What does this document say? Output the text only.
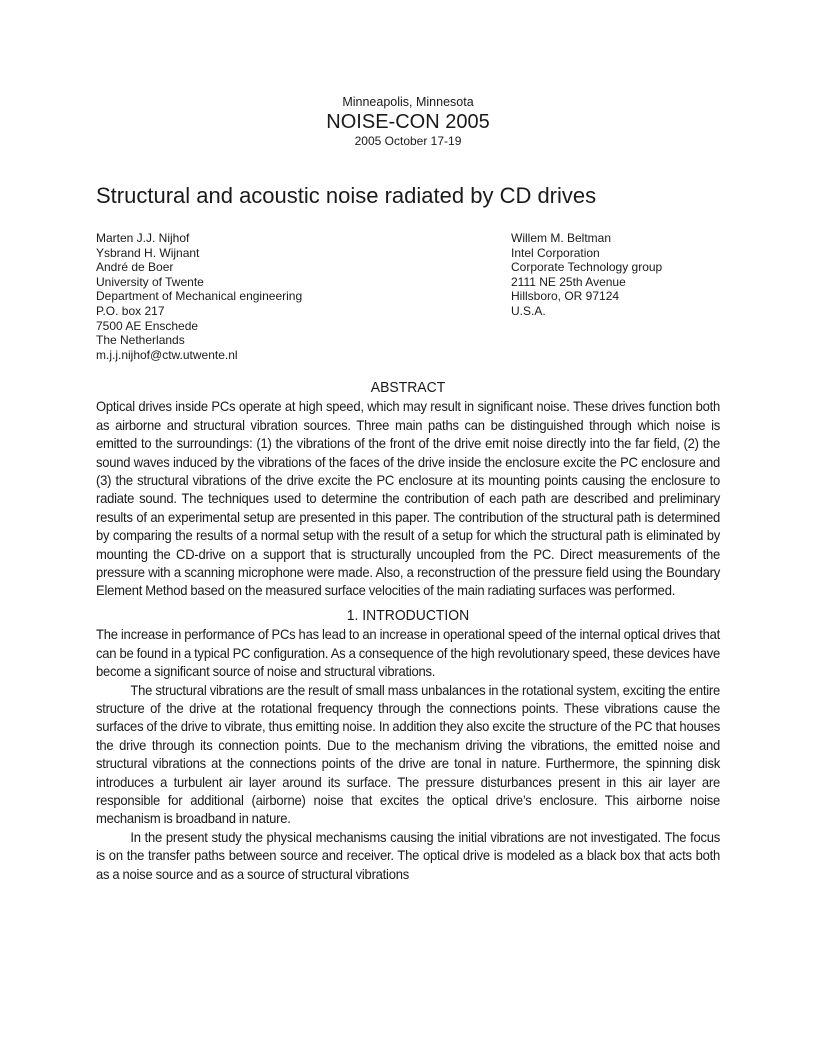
Minneapolis, Minnesota
NOISE-CON 2005
2005 October 17-19
Structural and acoustic noise radiated by CD drives
Marten J.J. Nijhof
Ysbrand H. Wijnant
André de Boer
University of Twente
Department of Mechanical engineering
P.O. box 217
7500 AE Enschede
The Netherlands
m.j.j.nijhof@ctw.utwente.nl
Willem M. Beltman
Intel Corporation
Corporate Technology group
2111 NE 25th Avenue
Hillsboro, OR 97124
U.S.A.
ABSTRACT

Optical drives inside PCs operate at high speed, which may result in significant noise. These drives function both as airborne and structural vibration sources. Three main paths can be distinguished through which noise is emitted to the surroundings: (1) the vibrations of the front of the drive emit noise directly into the far field, (2) the sound waves induced by the vibrations of the faces of the drive inside the enclosure excite the PC enclosure and (3) the structural vibrations of the drive excite the PC enclosure at its mounting points causing the enclosure to radiate sound. The techniques used to determine the contribution of each path are described and preliminary results of an experimental setup are presented in this paper. The contribution of the structural path is determined by comparing the results of a normal setup with the result of a setup for which the structural path is eliminated by mounting the CD-drive on a support that is structurally uncoupled from the PC. Direct measurements of the pressure with a scanning microphone were made. Also, a reconstruction of the pressure field using the Boundary Element Method based on the measured surface velocities of the main radiating surfaces was performed.

1. INTRODUCTION

The increase in performance of PCs has lead to an increase in operational speed of the internal optical drives that can be found in a typical PC configuration. As a consequence of the high revolutionary speed, these devices have become a significant source of noise and structural vibrations.

The structural vibrations are the result of small mass unbalances in the rotational system, exciting the entire structure of the drive at the rotational frequency through the connections points. These vibrations cause the surfaces of the drive to vibrate, thus emitting noise. In addition they also excite the structure of the PC that houses the drive through its connection points. Due to the mechanism driving the vibrations, the emitted noise and structural vibrations at the connections points of the drive are tonal in nature. Furthermore, the spinning disk introduces a turbulent air layer around its surface. The pressure disturbances present in this air layer are responsible for additional (airborne) noise that excites the optical drive’s enclosure. This airborne noise mechanism is broadband in nature.

In the present study the physical mechanisms causing the initial vibrations are not investigated. The focus is on the transfer paths between source and receiver. The optical drive is modeled as a black box that acts both as a noise source and as a source of structural vibrations
